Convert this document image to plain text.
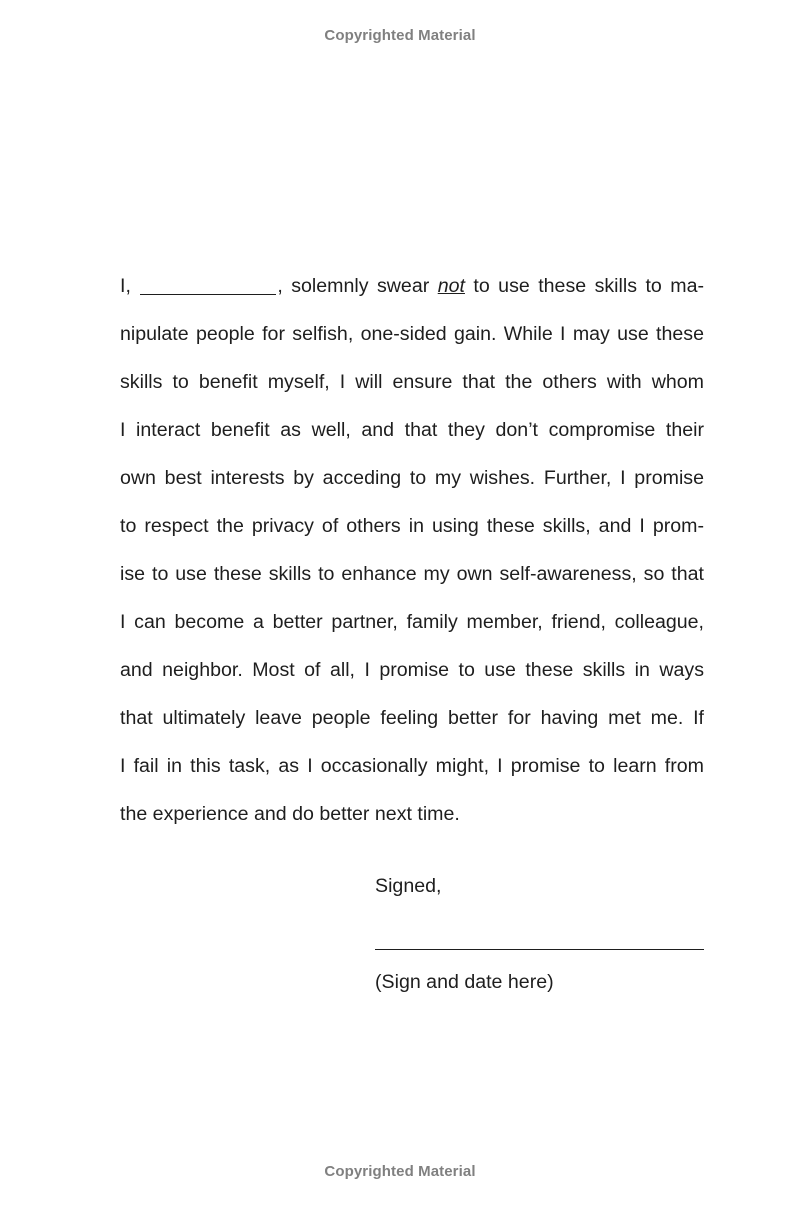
Copyrighted Material
I,	, solemnly swear not to use these skills to ma-
nipulate people for selfish, one-sided gain. While I may use these
skills to benefit myself, I will ensure that the others with whom
I interact benefit as well, and that they don’t compromise their
own best interests by acceding to my wishes. Further, I promise
to respect the privacy of others in using these skills, and I prom-
ise to use these skills to enhance my own self-awareness, so that
I can become a better partner, family member, friend, colleague,
and neighbor. Most of all, I promise to use these skills in ways
that ultimately leave people feeling better for having met me. If
I fail in this task, as I occasionally might, I promise to learn from
the experience and do better next time.
Signed,
(Sign and date here)
Copyrighted Material
